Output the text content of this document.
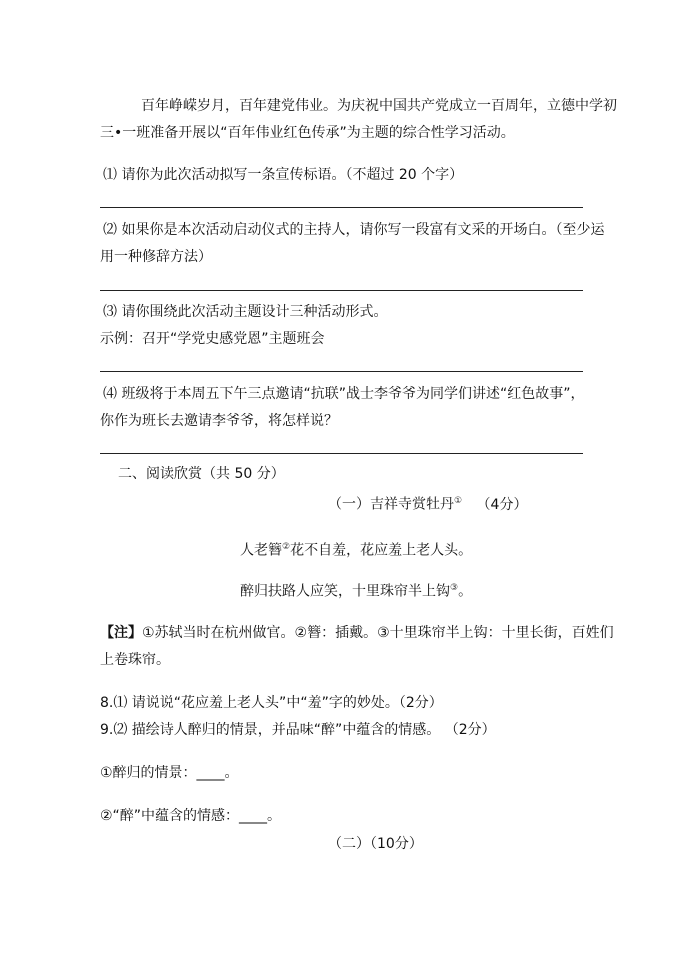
百年峥嵘岁月，百年建党伟业。为庆祝中国共产党成立一百周年，立德中学初
三•一班准备开展以“百年伟业红色传承”为主题的综合性学习活动。
⑴ 请你为此次活动拟写一条宣传标语。（不超过 20 个字）
⑵ 如果你是本次活动启动仪式的主持人，请你写一段富有文采的开场白。（至少运
用一种修辞方法）
⑶ 请你围绕此次活动主题设计三种活动形式。
示例：召开“学党史感党恩”主题班会
⑷ 班级将于本周五下午三点邀请“抗联”战士李爷爷为同学们讲述“红色故事”，
你作为班长去邀请李爷爷，将怎样说？
二、阅读欣赏（共 50 分）
（一）吉祥寺赏牡丹① （4分）
人老簪②花不自羞，花应羞上老人头。
醉归扶路人应笑，十里珠帘半上钩③。
【注】①苏轼当时在杭州做官。②簪：插戴。③十里珠帘半上钩：十里长街，百姓们
上卷珠帘。
8.⑴ 请说说“花应羞上老人头”中“羞”字的妙处。（2分）
9.⑵ 描绘诗人醉归的情景，并品味“醉”中蕴含的情感。 （2分）
①醉归的情景：____。
②“醉”中蕴含的情感：____。
（二）（10分）
